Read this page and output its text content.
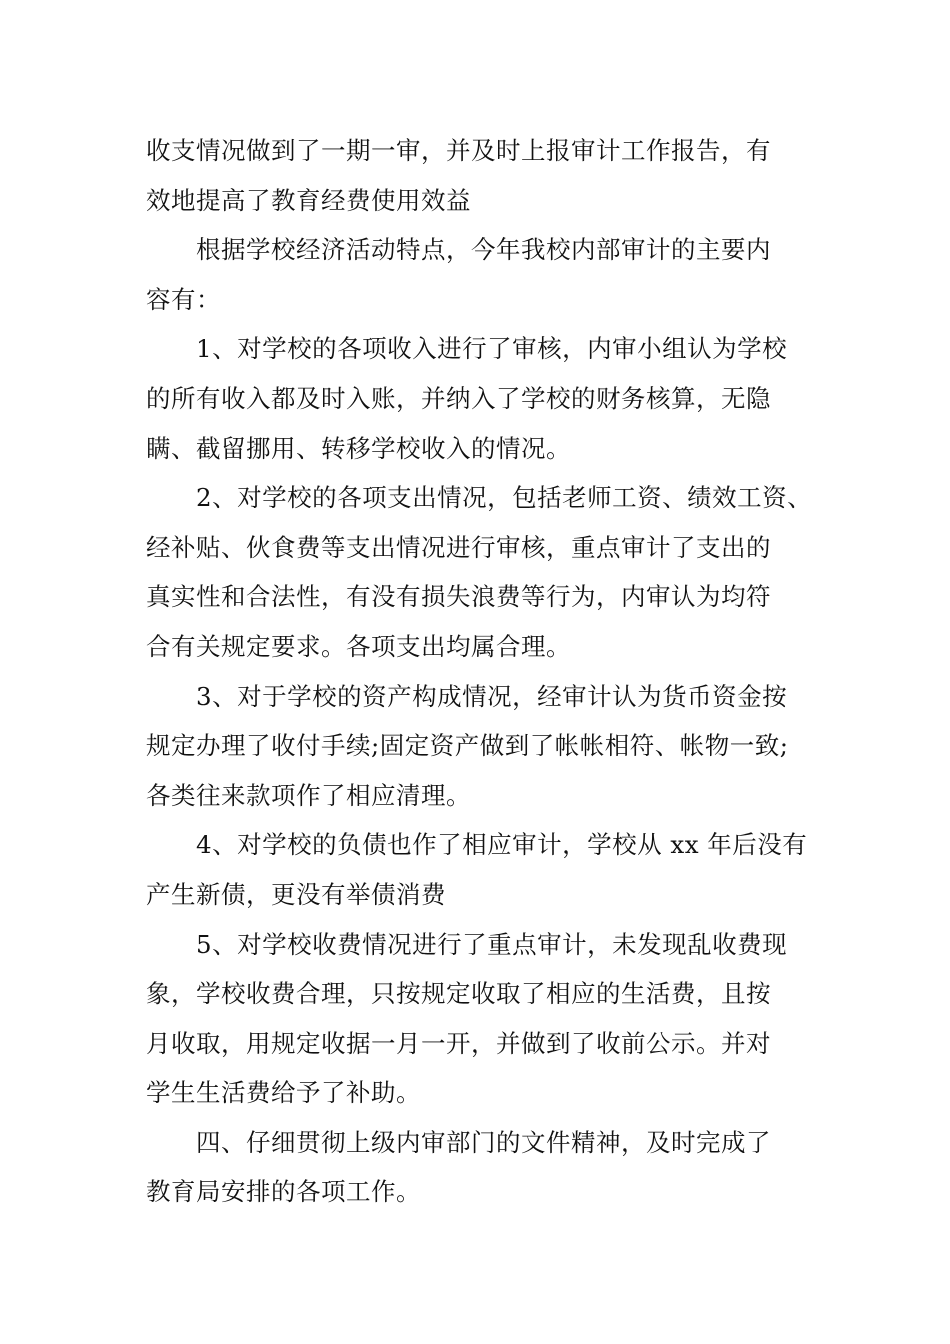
收支情况做到了一期一审，并及时上报审计工作报告，有
效地提高了教育经费使用效益
根据学校经济活动特点，今年我校内部审计的主要内
容有：
1、对学校的各项收入进行了审核，内审小组认为学校
的所有收入都及时入账，并纳入了学校的财务核算，无隐
瞒、截留挪用、转移学校收入的情况。
2、对学校的各项支出情况，包括老师工资、绩效工资、
经补贴、伙食费等支出情况进行审核，重点审计了支出的
真实性和合法性，有没有损失浪费等行为，内审认为均符
合有关规定要求。各项支出均属合理。
3、对于学校的资产构成情况，经审计认为货币资金按
规定办理了收付手续;固定资产做到了帐帐相符、帐物一致;
各类往来款项作了相应清理。
4、对学校的负债也作了相应审计，学校从 xx 年后没有
产生新债，更没有举债消费
5、对学校收费情况进行了重点审计，未发现乱收费现
象，学校收费合理，只按规定收取了相应的生活费，且按
月收取，用规定收据一月一开，并做到了收前公示。并对
学生生活费给予了补助。
四、仔细贯彻上级内审部门的文件精神，及时完成了
教育局安排的各项工作。
